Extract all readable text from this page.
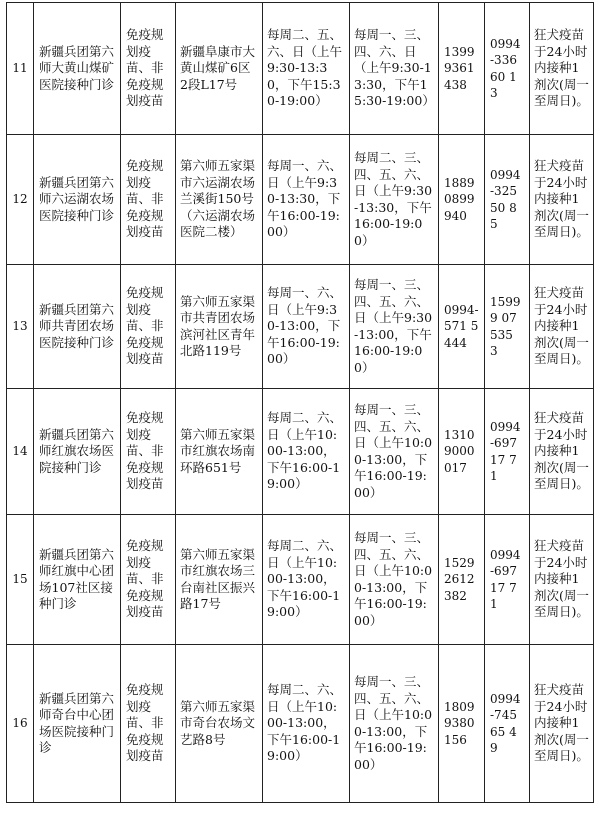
11	新疆兵团第六师大黄山煤矿医院接种门诊	免疫规划疫苗、非免疫规划疫苗	新疆阜康市大黄山煤矿6区2段L17号	每周二、五、六、日（上午9:30-13:30，下午15:30-19:00）	每周一、三、四、六、日（上午9:30-13:30，下午15:30-19:00）	1399 9361 438	0994-33660 13	狂犬疫苗于24小时内接种1剂次(周一至周日)。
12	新疆兵团第六师六运湖农场医院接种门诊	免疫规划疫苗、非免疫规划疫苗	第六师五家渠市六运湖农场兰溪街150号（六运湖农场医院二楼）	每周一、六、日（上午9:30-13:30，下午16:00-19:00）	每周二、三、四、五、六、日（上午9:30-13:30，下午16:00-19:00）	1889 0899 940	0994-32550 85	狂犬疫苗于24小时内接种1剂次(周一至周日)。
13	新疆兵团第六师共青团农场医院接种门诊	免疫规划疫苗、非免疫规划疫苗	第六师五家渠市共青团农场滨河社区青年北路119号	每周一、六、日（上午9:30-13:00，下午16:00-19:00）	每周一、三、四、五、六、日（上午9:30-13:00，下午16:00-19:00）	0994-571 5444	15999 07535 3	狂犬疫苗于24小时内接种1剂次(周一至周日)。
14	新疆兵团第六师红旗农场医院接种门诊	免疫规划疫苗、非免疫规划疫苗	第六师五家渠市红旗农场南环路651号	每周二、六、日（上午10:00-13:00，下午16:00-19:00）	每周一、三、四、五、六、日（上午10:00-13:00，下午16:00-19:00）	1310 9000 017	0994-69717 71	狂犬疫苗于24小时内接种1剂次(周一至周日)。
15	新疆兵团第六师红旗中心团场107社区接种门诊	免疫规划疫苗、非免疫规划疫苗	第六师五家渠市红旗农场三台南社区振兴路17号	每周二、六、日（上午10:00-13:00，下午16:00-19:00）	每周一、三、四、五、六、日（上午10:00-13:00，下午16:00-19:00）	1529 2612 382	0994-69717 71	狂犬疫苗于24小时内接种1剂次(周一至周日)。
16	新疆兵团第六师奇台中心团场医院接种门诊	免疫规划疫苗、非免疫规划疫苗	第六师五家渠市奇台农场文艺路8号	每周二、六、日（上午10:00-13:00，下午16:00-19:00）	每周一、三、四、五、六、日（上午10:00-13:00，下午16:00-19:00）	1809 9380 156	0994-74565 49	狂犬疫苗于24小时内接种1剂次(周一至周日)。
